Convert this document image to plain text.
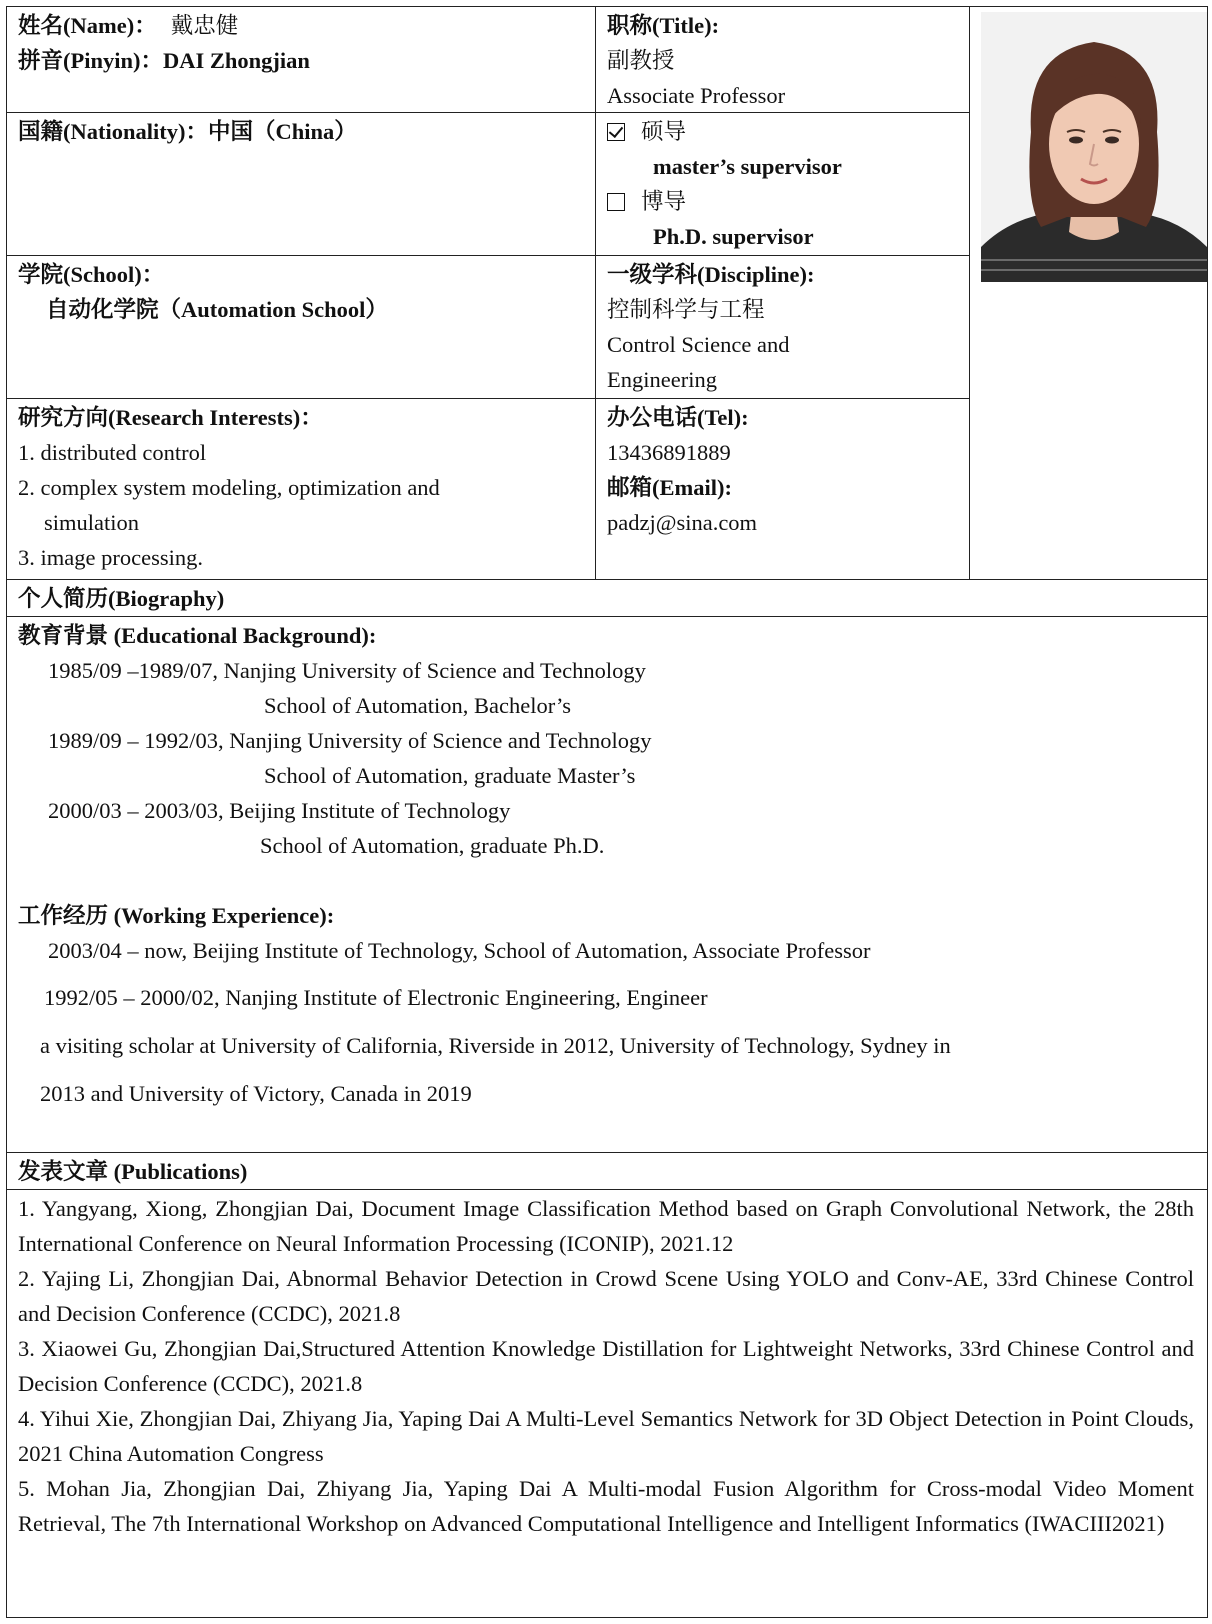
姓名(Name)： 戴忠健
拼音(Pinyin)：DAI Zhongjian
职称(Title):
副教授
Associate Professor
国籍(Nationality)：中国（China）	硕导
master’s supervisor
博导
Ph.D. supervisor
学院(School)：
自动化学院（Automation School）
一级学科(Discipline):
控制科学与工程
Control Science and
Engineering
研究方向(Research Interests)：
1. distributed control
2. complex system modeling, optimization and
simulation
3. image processing.
办公电话(Tel):
13436891889
邮箱(Email):
padzj@sina.com
个人简历(Biography)
教育背景 (Educational Background):
1985/09 –1989/07, Nanjing University of Science and Technology
School of Automation, Bachelor’s
1989/09 – 1992/03, Nanjing University of Science and Technology
School of Automation, graduate Master’s
2000/03 – 2003/03, Beijing Institute of Technology
School of Automation, graduate Ph.D.
工作经历 (Working Experience):
2003/04 – now, Beijing Institute of Technology, School of Automation, Associate Professor
1992/05 – 2000/02, Nanjing Institute of Electronic Engineering, Engineer
a visiting scholar at University of California, Riverside in 2012, University of Technology, Sydney in
2013 and University of Victory, Canada in 2019
发表文章 (Publications)
1. Yangyang, Xiong, Zhongjian Dai, Document Image Classification Method based on Graph Convolutional Network, the 28th International Conference on Neural Information Processing (ICONIP), 2021.12
2. Yajing Li, Zhongjian Dai, Abnormal Behavior Detection in Crowd Scene Using YOLO and Conv-AE, 33rd Chinese Control and Decision Conference (CCDC), 2021.8
3. Xiaowei Gu, Zhongjian Dai,Structured Attention Knowledge Distillation for Lightweight Networks, 33rd Chinese Control and Decision Conference (CCDC), 2021.8
4. Yihui Xie, Zhongjian Dai, Zhiyang Jia, Yaping Dai A Multi-Level Semantics Network for 3D Object Detection in Point Clouds, 2021 China Automation Congress
5. Mohan Jia, Zhongjian Dai, Zhiyang Jia, Yaping Dai A Multi-modal Fusion Algorithm for Cross-modal Video Moment Retrieval, The 7th International Workshop on Advanced Computational Intelligence and Intelligent Informatics (IWACIII2021)
